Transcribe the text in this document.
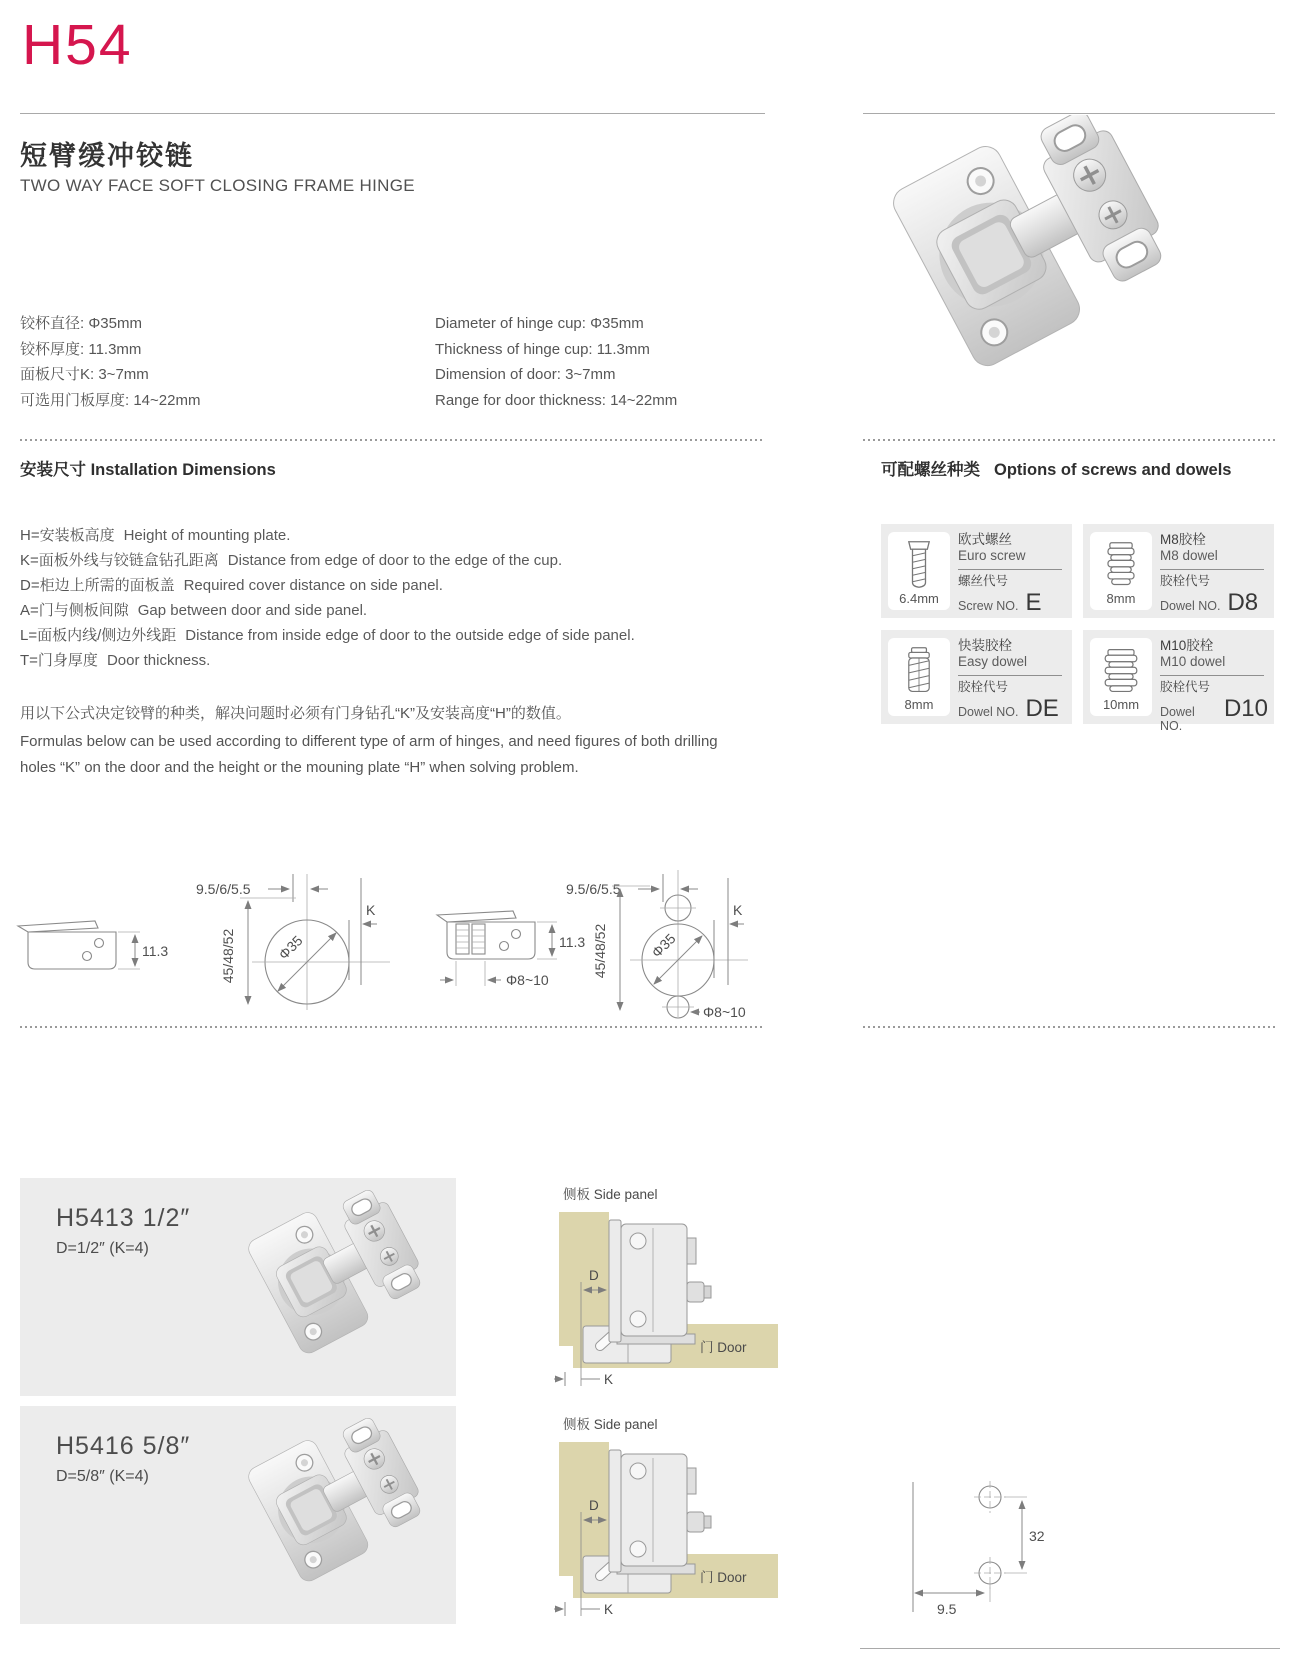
H54
短臂缓冲铰链
TWO WAY FACE SOFT CLOSING FRAME HINGE
铰杯直径: Φ35mm
铰杯厚度: 11.3mm
面板尺寸K: 3~7mm
可选用门板厚度: 14~22mm
Diameter of hinge cup: Φ35mm
Thickness of hinge cup: 11.3mm
Dimension of door: 3~7mm
Range for door thickness: 14~22mm
安装尺寸 Installation Dimensions
H=安装板高度 Height of mounting plate.
K=面板外线与铰链盒钻孔距离 Distance from edge of door to the edge of the cup.
D=柜边上所需的面板盖 Required cover distance on side panel.
A=门与侧板间隙 Gap between door and side panel.
L=面板内线/侧边外线距 Distance from inside edge of door to the outside edge of side panel.
T=门身厚度 Door thickness.
用以下公式决定铰臂的种类，解决问题时必须有门身钻孔“K”及安装高度“H”的数值。
Formulas below can be used according to different type of arm of hinges, and need figures of both drilling holes “K” on the door and the height or the mouning plate “H” when solving problem.
可配螺丝种类 Options of screws and dowels
6.4mm
欧式螺丝
Euro screw
螺丝代号
Screw NO. E	8mm
M8胶栓
M8 dowel
胶栓代号
Dowel NO. D8
8mm
快装胶栓
Easy dowel
胶栓代号
Dowel NO. DE	10mm
M10胶栓
M10 dowel
胶栓代号
Dowel NO.
D10
11.3
9.5/6/5.5
45/48/52	Φ35
K
11.3
Φ8~10
9.5/6/5.5
45/48/52	Φ35
K
Φ8~10
H5413 1/2″
D=1/2″ (K=4)
H5416 5/8″
D=5/8″ (K=4)
32
9.5
